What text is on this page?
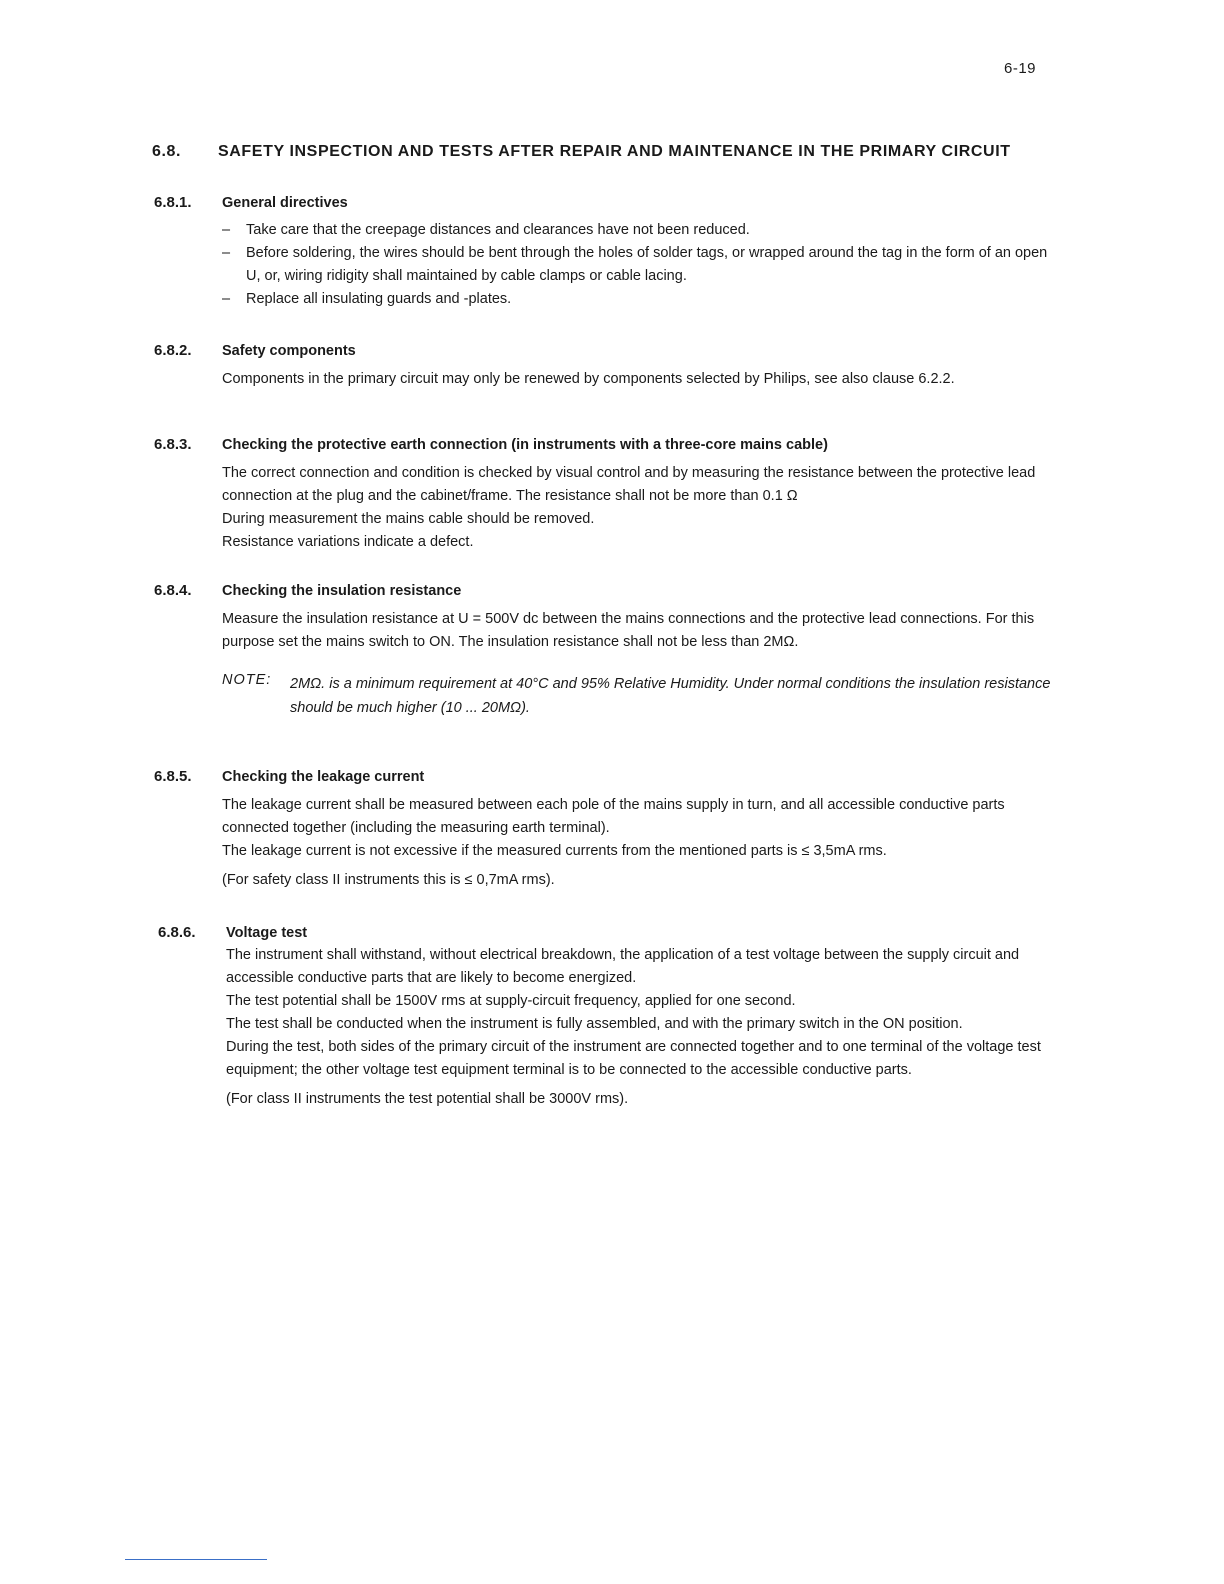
6-19
6.8.	SAFETY INSPECTION AND TESTS AFTER REPAIR AND MAINTENANCE IN THE PRIMARY CIRCUIT
6.8.1.	General directives
– Take care that the creepage distances and clearances have not been reduced.
– Before soldering, the wires should be bent through the holes of solder tags, or wrapped around the tag in the form of an open U, or, wiring ridigity shall maintained by cable clamps or cable lacing.
– Replace all insulating guards and -plates.
6.8.2.	Safety components
Components in the primary circuit may only be renewed by components selected by Philips, see also clause 6.2.2.
6.8.3.	Checking the protective earth connection (in instruments with a three-core mains cable)
The correct connection and condition is checked by visual control and by measuring the resistance between the protective lead connection at the plug and the cabinet/frame. The resistance shall not be more than 0.1 Ω
During measurement the mains cable should be removed.
Resistance variations indicate a defect.
6.8.4.	Checking the insulation resistance
Measure the insulation resistance at U = 500V dc between the mains connections and the protective lead connections. For this purpose set the mains switch to ON. The insulation resistance shall not be less than 2MΩ.
NOTE:	2MΩ. is a minimum requirement at 40°C and 95% Relative Humidity. Under normal conditions the insulation resistance should be much higher (10 ... 20MΩ).
6.8.5.	Checking the leakage current
The leakage current shall be measured between each pole of the mains supply in turn, and all accessible conductive parts connected together (including the measuring earth terminal).
The leakage current is not excessive if the measured currents from the mentioned parts is ≤ 3,5mA rms.
(For safety class II instruments this is ≤ 0,7mA rms).
6.8.6.	Voltage test
The instrument shall withstand, without electrical breakdown, the application of a test voltage between the supply circuit and accessible conductive parts that are likely to become energized.
The test potential shall be 1500V rms at supply-circuit frequency, applied for one second.
The test shall be conducted when the instrument is fully assembled, and with the primary switch in the ON position.
During the test, both sides of the primary circuit of the instrument are connected together and to one terminal of the voltage test equipment; the other voltage test equipment terminal is to be connected to the accessible conductive parts.
(For class II instruments the test potential shall be 3000V rms).
